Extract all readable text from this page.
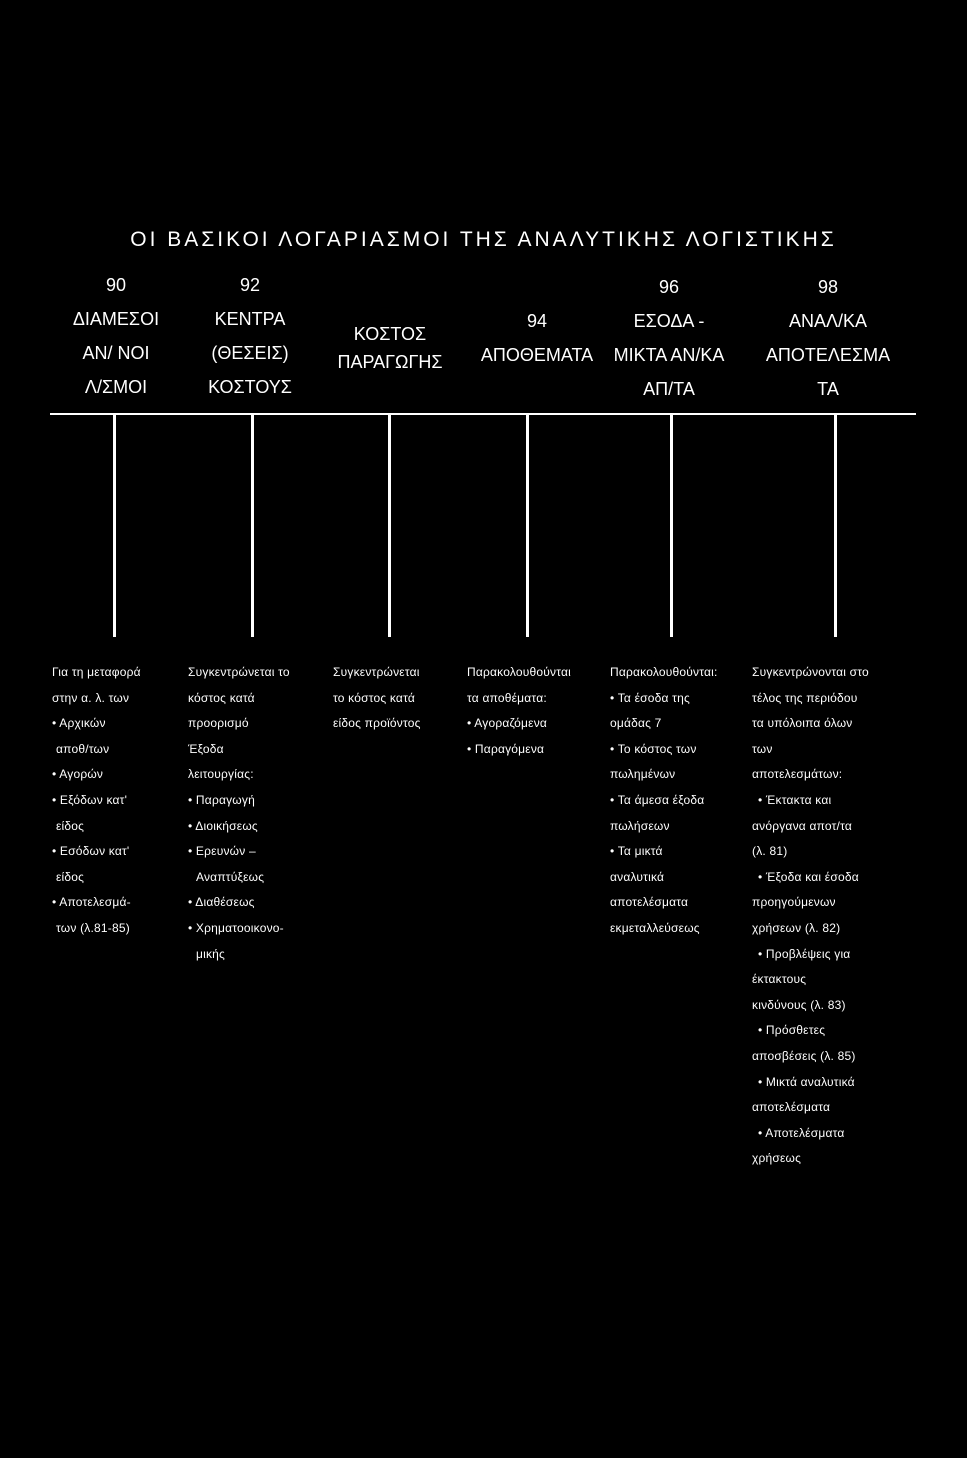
ΟΙ ΒΑΣΙΚΟΙ ΛΟΓΑΡΙΑΣΜΟΙ ΤΗΣ ΑΝΑΛΥΤΙΚΗΣ ΛΟΓΙΣΤΙΚΗΣ
90
ΔΙΑΜΕΣΟΙ
ΑΝ/ ΝΟΙ
Λ/ΣΜΟΙ
92
ΚΕΝΤΡΑ
(ΘΕΣΕΙΣ)
ΚΟΣΤΟΥΣ
ΚΟΣΤΟΣ
ΠΑΡΑΓΩΓΗΣ
94
ΑΠΟΘΕΜΑΤΑ
96
ΕΣΟΔΑ -
ΜΙΚΤΑ ΑΝ/ΚΑ
ΑΠ/ΤΑ
98
ΑΝΑΛ/ΚΑ
ΑΠΟΤΕΛΕΣΜΑ
ΤΑ
Για τη μεταφορά
στην α. λ. των
• Αρχικών
αποθ/των
• Αγορών
• Εξόδων κατ'
είδος
• Εσόδων κατ'
είδος
• Αποτελεσμά-
των (λ.81-85)
Συγκεντρώνεται το
κόστος κατά
προορισμό
Έξοδα
λειτουργίας:
• Παραγωγή
• Διοικήσεως
• Ερευνών –
Αναπτύξεως
• Διαθέσεως
• Χρηματοοικονο-
μικής
Συγκεντρώνεται
το κόστος κατά
είδος προϊόντος
Παρακολουθούνται
τα αποθέματα:
• Αγοραζόμενα
• Παραγόμενα
Παρακολουθούνται:
• Τα έσοδα της
ομάδας 7
• Το κόστος των
πωλημένων
• Τα άμεσα έξοδα
πωλήσεων
• Τα μικτά
αναλυτικά
αποτελέσματα
εκμεταλλεύσεως
Συγκεντρώνονται στο
τέλος της περιόδου
τα υπόλοιπα όλων
των
αποτελεσμάτων:
• Έκτακτα και
ανόργανα αποτ/τα
(λ. 81)
• Έξοδα και έσοδα
προηγούμενων
χρήσεων (λ. 82)
• Προβλέψεις για
έκτακτους
κινδύνους (λ. 83)
• Πρόσθετες
αποσβέσεις (λ. 85)
• Μικτά αναλυτικά
αποτελέσματα
• Αποτελέσματα
χρήσεως
